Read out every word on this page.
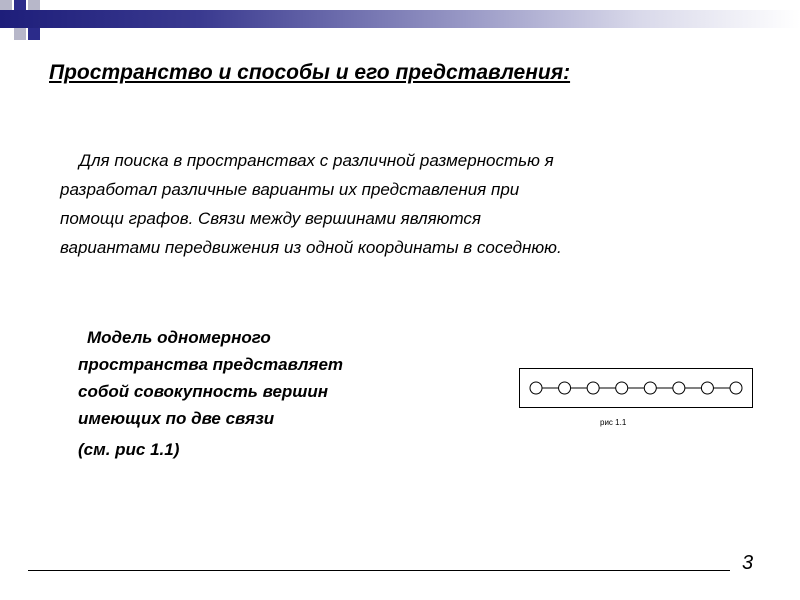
Пространство и способы и его представления:

Для поиска в пространствах с различной размерностью я
разработал различные варианты их представления при
помощи графов. Связи между вершинами являются
вариантами передвижения из одной координаты в соседнюю.

Модель одномерного
пространства представляет
собой совокупность вершин
имеющих по две связи

(см. рис 1.1)
рис 1.1
3
